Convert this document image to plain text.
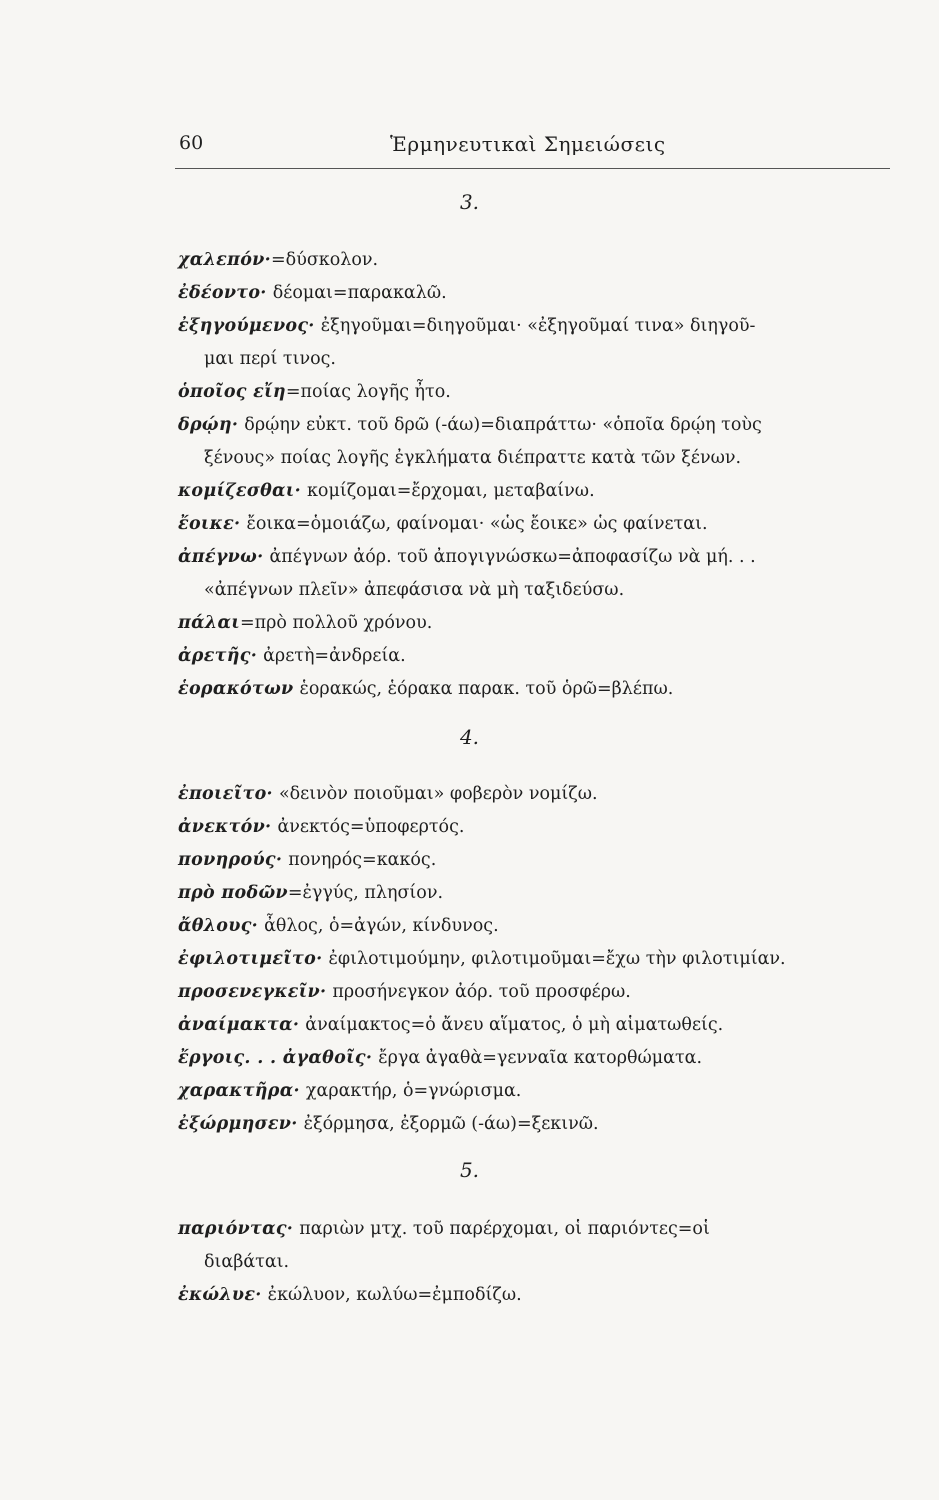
60	Ἑρμηνευτικαὶ Σημειώσεις
3.
χαλεπόν·=δύσκολον.
ἐδέοντο· δέομαι=παρακαλῶ.
ἐξηγούμενος· ἐξηγοῦμαι=διηγοῦμαι· «ἐξηγοῦμαί τινα» διηγοῦ-
μαι περί τινος.
ὁποῖος εἴη=ποίας λογῆς ἦτο.
δρῴη· δρῴην εὐκτ. τοῦ δρῶ (-άω)=διαπράττω· «ὁποῖα δρῴη τοὺς
ξένους» ποίας λογῆς ἐγκλήματα διέπραττε κατὰ τῶν ξένων.
κομίζεσθαι· κομίζομαι=ἔρχομαι, μεταβαίνω.
ἔοικε· ἔοικα=ὁμοιάζω, φαίνομαι· «ὡς ἔοικε» ὡς φαίνεται.
ἀπέγνω· ἀπέγνων ἀόρ. τοῦ ἀπογιγνώσκω=ἀποφασίζω νὰ μή. . .
«ἀπέγνων πλεῖν» ἀπεφάσισα νὰ μὴ ταξιδεύσω.
πάλαι=πρὸ πολλοῦ χρόνου.
ἀρετῆς· ἀρετὴ=ἀνδρεία.
ἑορακότων ἑορακώς, ἑόρακα παρακ. τοῦ ὁρῶ=βλέπω.
4.
ἐποιεῖτο· «δεινὸν ποιοῦμαι» φοβερὸν νομίζω.
ἀνεκτόν· ἀνεκτός=ὑποφερτός.
πονηρούς· πονηρός=κακός.
πρὸ ποδῶν=ἐγγύς, πλησίον.
ἄθλους· ἆθλος, ὁ=ἀγών, κίνδυνος.
ἐφιλοτιμεῖτο· ἐφιλοτιμούμην, φιλοτιμοῦμαι=ἔχω τὴν φιλοτιμίαν.
προσενεγκεῖν· προσήνεγκον ἀόρ. τοῦ προσφέρω.
ἀναίμακτα· ἀναίμακτος=ὁ ἄνευ αἵματος, ὁ μὴ αἱματωθείς.
ἔργοις. . . ἀγαθοῖς· ἔργα ἀγαθὰ=γενναῖα κατορθώματα.
χαρακτῆρα· χαρακτήρ, ὁ=γνώρισμα.
ἐξώρμησεν· ἐξόρμησα, ἐξορμῶ (-άω)=ξεκινῶ.
5.
παριόντας· παριὼν μτχ. τοῦ παρέρχομαι, οἱ παριόντες=οἱ
διαβάται.
ἐκώλυε· ἐκώλυον, κωλύω=ἐμποδίζω.
